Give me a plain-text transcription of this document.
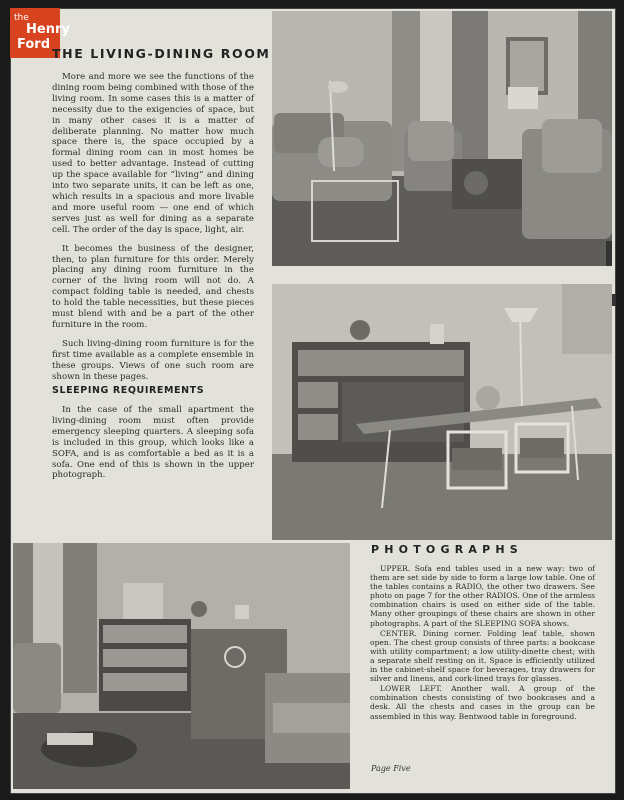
the
Henry
Ford
THE LIVING-DINING ROOM

More and more we see the functions of the dining room being combined with those of the living room. In some cases this is a matter of necessity due to the exigencies of space, but in many other cases it is a matter of deliberate planning. No matter how much space there is, the space occupied by a formal dining room can in most homes be used to better advantage. Instead of cutting up the space available for “living” and dining into two separate units, it can be left as one, which results in a spacious and more livable and more useful room — one end of which serves just as well for dining as a separate cell. The order of the day is space, light, air.

It becomes the business of the designer, then, to plan furniture for this order. Merely placing any dining room furniture in the corner of the living room will not do. A compact folding table is needed, and chests to hold the table necessities, but these pieces must blend with and be a part of the other furniture in the room.

Such living-dining room furniture is for the first time available as a complete ensemble in these groups. Views of one such room are shown in these pages.

SLEEPING REQUIREMENTS

In the case of the small apartment the living-dining room must often provide emergency sleeping quarters. A sleeping sofa is included in this group, which looks like a SOFA, and is as comfortable a bed as it is a sofa. One end of this is shown in the upper photograph.

PHOTOGRAPHS

UPPER. Sofa end tables used in a new way: two of them are set side by side to form a large low table. One of the tables contains a RADIO, the other two drawers. See photo on page 7 for the other RADIOS. One of the armless combination chairs is used on either side of the table. Many other groupings of these chairs are shown in other photographs. A part of the SLEEPING SOFA shows.

CENTER. Dining corner. Folding leaf table, shown open. The chest group consists of three parts: a bookcase with utility compartment; a low utility-dinette chest; with a separate shelf resting on it. Space is efficiently utilized in the cabinet-shelf space for beverages, tray drawers for silver and linens, and cork-lined trays for glasses.

LOWER LEFT. Another wall. A group of the combination chests consisting of two bookcases and a desk. All the chests and cases in the group can be assembled in this way. Bentwood table in foreground.

Page Five
